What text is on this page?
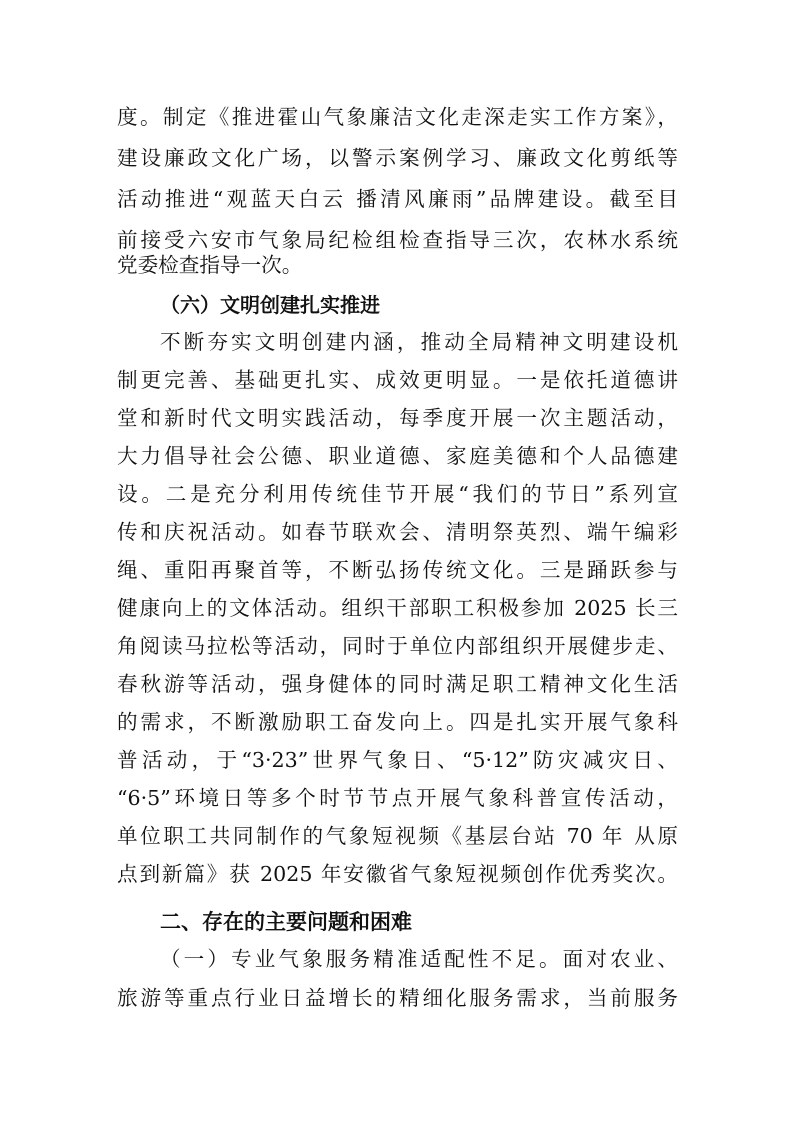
度。制定《推进霍山气象廉洁文化走深走实工作方案》，

建设廉政文化广场，以警示案例学习、廉政文化剪纸等

活动推进“观蓝天白云 播清风廉雨”品牌建设。截至目

前接受六安市气象局纪检组检查指导三次，农林水系统

党委检查指导一次。

（六）文明创建扎实推进

不断夯实文明创建内涵，推动全局精神文明建设机

制更完善、基础更扎实、成效更明显。一是依托道德讲

堂和新时代文明实践活动，每季度开展一次主题活动，

大力倡导社会公德、职业道德、家庭美德和个人品德建

设。二是充分利用传统佳节开展“我们的节日”系列宣

传和庆祝活动。如春节联欢会、清明祭英烈、端午编彩

绳、重阳再聚首等，不断弘扬传统文化。三是踊跃参与

健康向上的文体活动。组织干部职工积极参加 2025 长三

角阅读马拉松等活动，同时于单位内部组织开展健步走、

春秋游等活动，强身健体的同时满足职工精神文化生活

的需求，不断激励职工奋发向上。四是扎实开展气象科

普活动，于“3·23”世界气象日、“5·12”防灾减灾日、

“6·5”环境日等多个时节节点开展气象科普宣传活动，

单位职工共同制作的气象短视频《基层台站 70 年 从原

点到新篇》获 2025 年安徽省气象短视频创作优秀奖次。

二、存在的主要问题和困难

（一）专业气象服务精准适配性不足。面对农业、

旅游等重点行业日益增长的精细化服务需求，当前服务
